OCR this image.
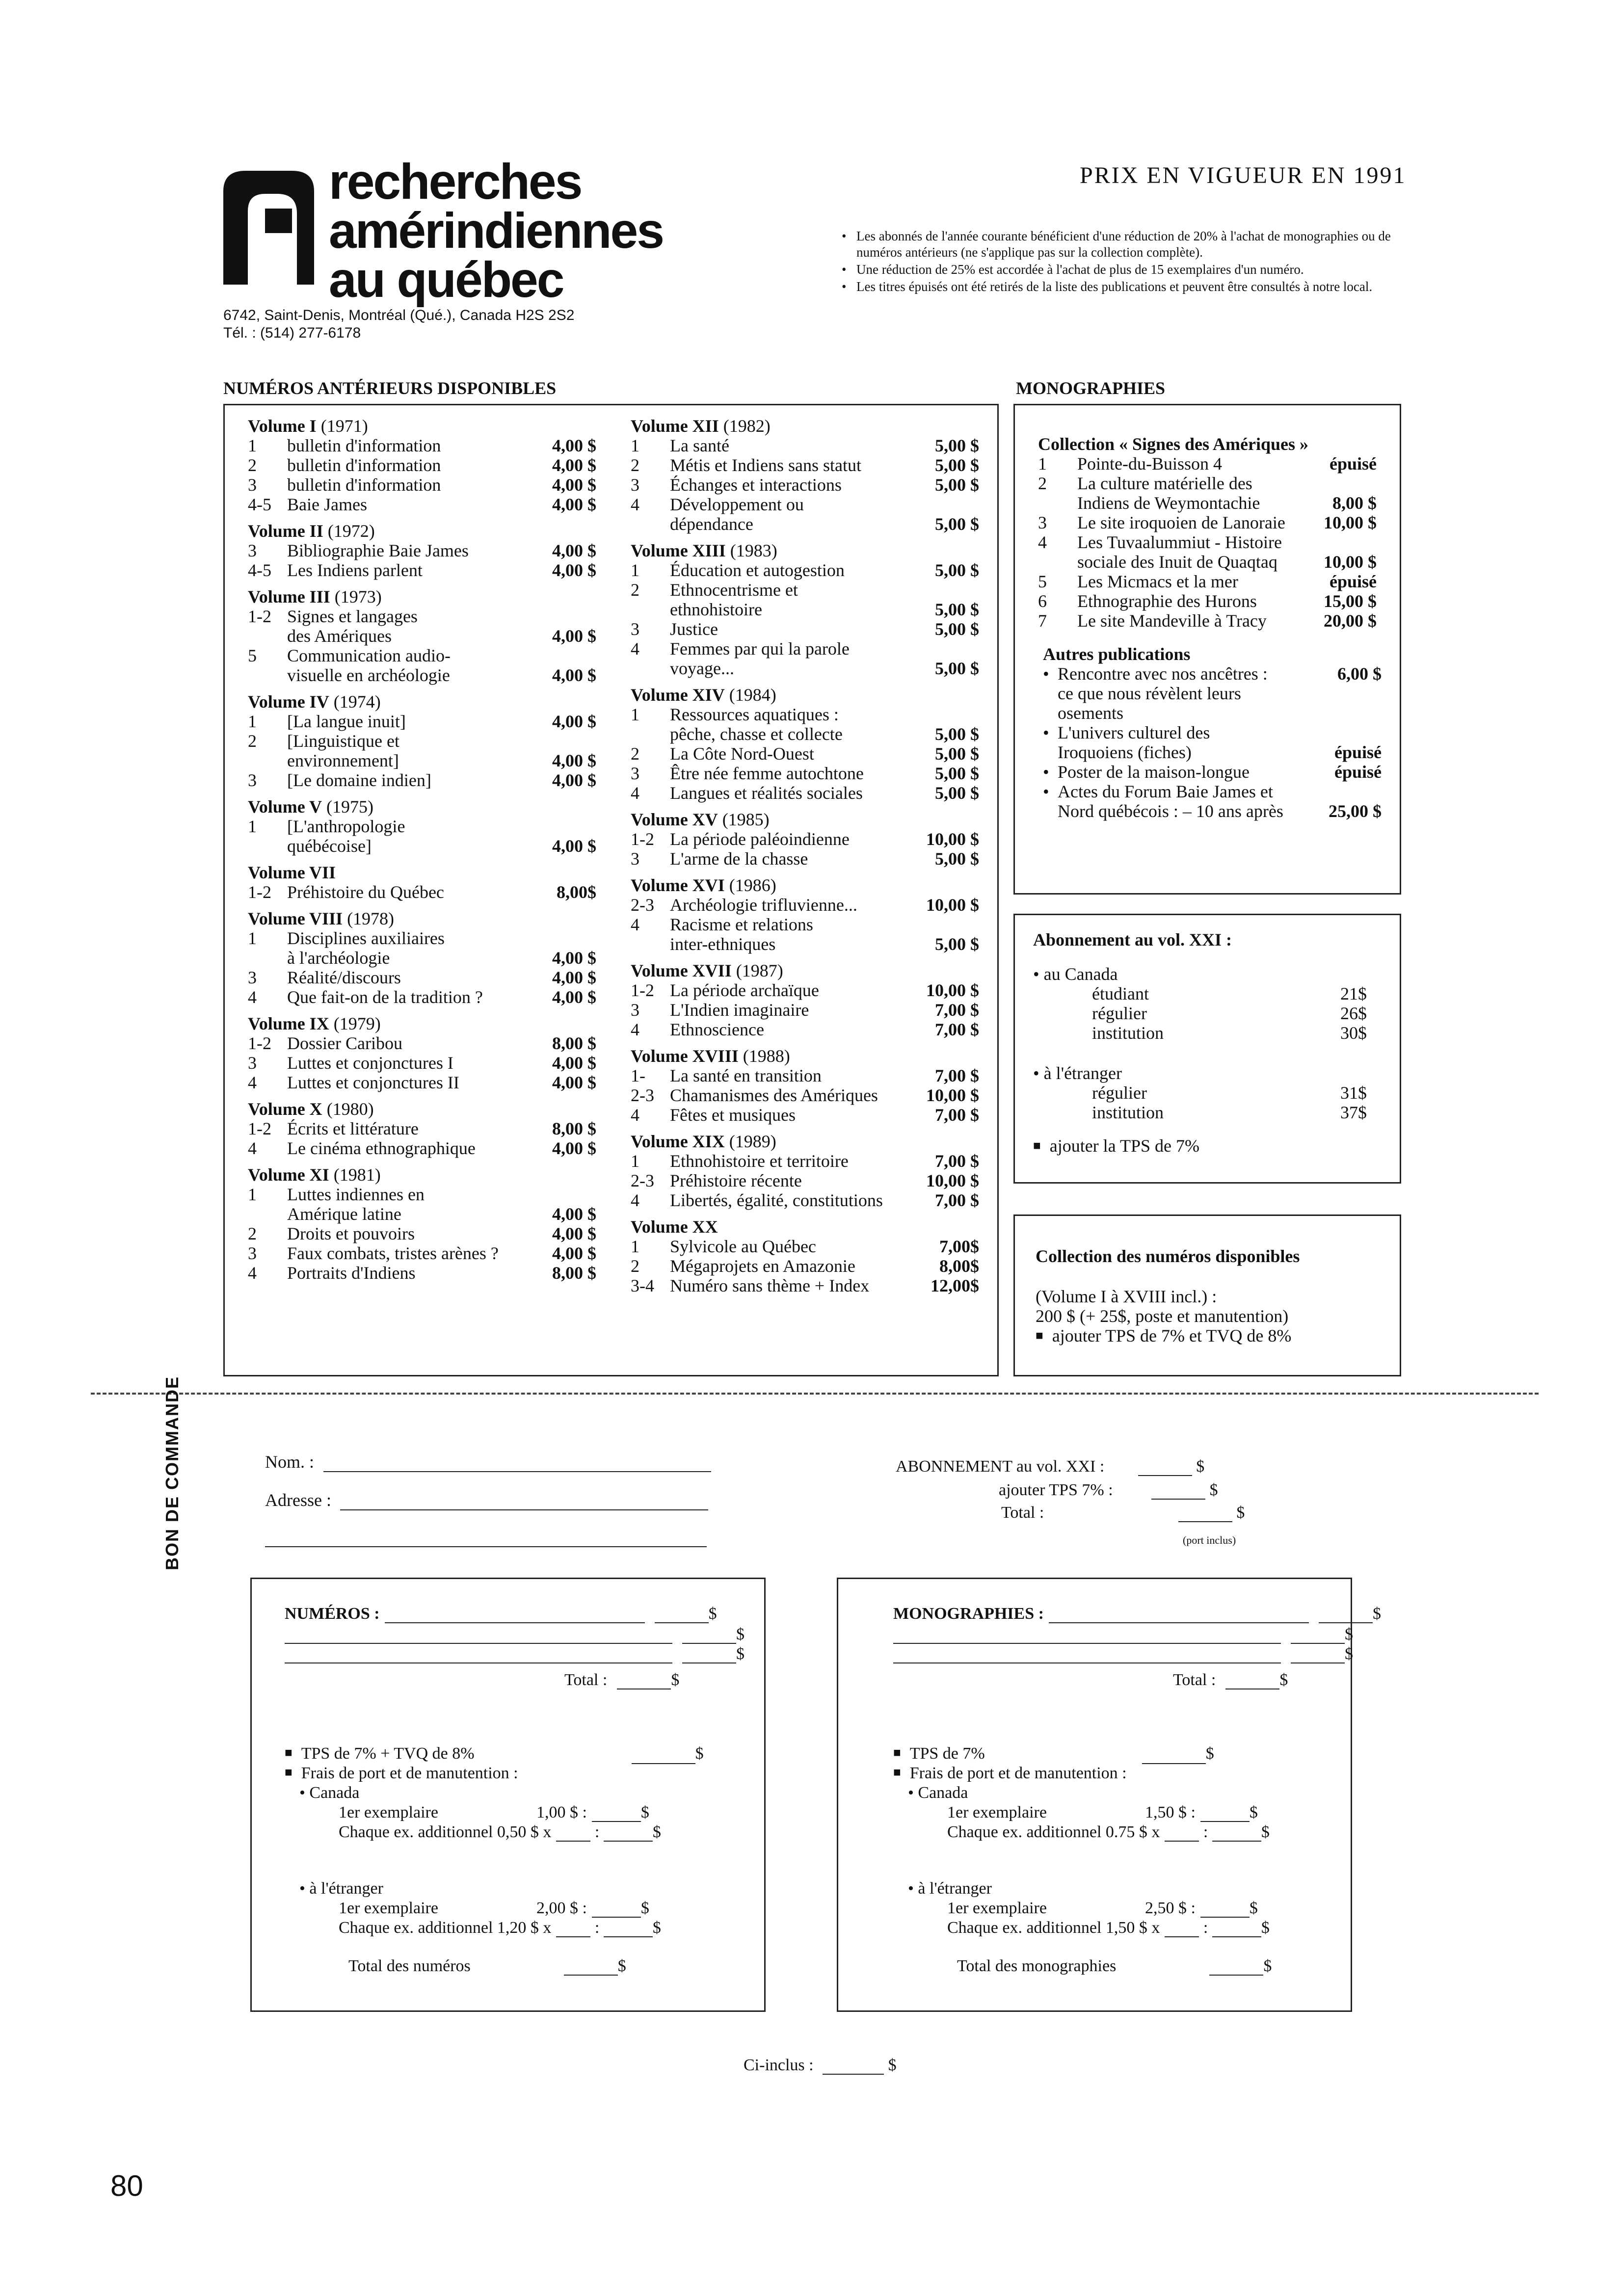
recherches
amérindiennes
au québec
6742, Saint-Denis, Montréal (Qué.), Canada H2S 2S2
Tél. : (514) 277-6178
PRIX EN VIGUEUR EN 1991
• Les abonnés de l'année courante bénéficient d'une réduction de 20% à l'achat de monographies ou de numéros antérieurs (ne s'applique pas sur la collection complète).
• Une réduction de 25% est accordée à l'achat de plus de 15 exemplaires d'un numéro.
• Les titres épuisés ont été retirés de la liste des publications et peuvent être consultés à notre local.
NUMÉROS ANTÉRIEURS DISPONIBLES
Volume I (1971)
1	bulletin d'information	4,00 $
2	bulletin d'information	4,00 $
3	bulletin d'information	4,00 $
4-5 Baie James	4,00 $
Volume II (1972)
3	Bibliographie Baie James	4,00 $
4-5 Les Indiens parlent	4,00 $
Volume III (1973)
1-2 Signes et langages
des Amériques	4,00 $
5	Communication audio-
visuelle en archéologie	4,00 $
Volume IV (1974)
1	[La langue inuit]	4,00 $
2	[Linguistique et
environnement]	4,00 $
3	[Le domaine indien]	4,00 $
Volume V (1975)
1	[L'anthropologie
québécoise]	4,00 $
Volume VII
1-2 Préhistoire du Québec	8,00$
Volume VIII (1978)
1	Disciplines auxiliaires
à l'archéologie	4,00 $
3	Réalité/discours	4,00 $
4	Que fait-on de la tradition ?	4,00 $
Volume IX (1979)
1-2 Dossier Caribou	8,00 $
3	Luttes et conjonctures I	4,00 $
4	Luttes et conjonctures II	4,00 $
Volume X (1980)
1-2 Écrits et littérature	8,00 $
4	Le cinéma ethnographique	4,00 $
Volume XI (1981)
1	Luttes indiennes en
Amérique latine	4,00 $
2	Droits et pouvoirs	4,00 $
3	Faux combats, tristes arènes ?	4,00 $
4	Portraits d'Indiens	8,00 $
Volume XII (1982)
1	La santé	5,00 $
2	Métis et Indiens sans statut	5,00 $
3	Échanges et interactions	5,00 $
4	Développement ou
dépendance	5,00 $
Volume XIII (1983)
1	Éducation et autogestion	5,00 $
2	Ethnocentrisme et
ethnohistoire	5,00 $
3	Justice	5,00 $
4	Femmes par qui la parole
voyage...	5,00 $
Volume XIV (1984)
1	Ressources aquatiques :
pêche, chasse et collecte	5,00 $
2	La Côte Nord-Ouest	5,00 $
3	Être née femme autochtone	5,00 $
4	Langues et réalités sociales	5,00 $
Volume XV (1985)
1-2 La période paléoindienne	10,00 $
3	L'arme de la chasse	5,00 $
Volume XVI (1986)
2-3 Archéologie trifluvienne...	10,00 $
4	Racisme et relations
inter-ethniques	5,00 $
Volume XVII (1987)
1-2 La période archaïque	10,00 $
3	L'Indien imaginaire	7,00 $
4	Ethnoscience	7,00 $
Volume XVIII (1988)
1-	La santé en transition	7,00 $
2-3 Chamanismes des Amériques	10,00 $
4	Fêtes et musiques	7,00 $
Volume XIX (1989)
1	Ethnohistoire et territoire	7,00 $
2-3 Préhistoire récente	10,00 $
4	Libertés, égalité, constitutions	7,00 $
Volume XX
1	Sylvicole au Québec	7,00$
2	Mégaprojets en Amazonie	8,00$
3-4 Numéro sans thème + Index	12,00$
MONOGRAPHIES
Collection « Signes des Amériques »
1	Pointe-du-Buisson 4	épuisé
2	La culture matérielle des
Indiens de Weymontachie	8,00 $
3	Le site iroquoien de Lanoraie	10,00 $
4	Les Tuvaalummiut - Histoire
sociale des Inuit de Quaqtaq	10,00 $
5	Les Micmacs et la mer	épuisé
6	Ethnographie des Hurons	15,00 $
7	Le site Mandeville à Tracy	20,00 $
Autres publications
• Rencontre avec nos ancêtres :	6,00 $
ce que nous révèlent leurs
osements
• L'univers culturel des
Iroquoiens (fiches)	épuisé
• Poster de la maison-longue	épuisé
• Actes du Forum Baie James et
Nord québécois : – 10 ans après	25,00 $
Abonnement au vol. XXI :
• au Canada
étudiant	21$
régulier	26$
institution	30$
• à l'étranger
régulier	31$
institution	37$
■ ajouter la TPS de 7%
Collection des numéros disponibles
(Volume I à XVIII incl.) :
200 $ (+ 25$, poste et manutention)
■ ajouter TPS de 7% et TVQ de 8%
BON DE COMMANDE	Nom. :
Adresse :
ABONNEMENT au vol. XXI :	$
ajouter TPS 7% :	$
Total :	$
(port inclus)
NUMÉROS :	$
$
$
Total :	$
■ TPS de 7% + TVQ de 8%	$
■ Frais de port et de manutention :
• Canada
1er exemplaire	1,00 $ :	$
Chaque ex. additionnel 0,50 $ x :	$
• à l'étranger
1er exemplaire	2,00 $ :	$
Chaque ex. additionnel 1,20 $ x :	$
Total des numéros	$
MONOGRAPHIES :	$
$
$
Total :	$
■ TPS de 7%	$
■ Frais de port et de manutention :
• Canada
1er exemplaire	1,50 $ :	$
Chaque ex. additionnel 0.75 $ x :	$
• à l'étranger
1er exemplaire	2,50 $ :	$
Chaque ex. additionnel 1,50 $ x :	$
Total des monographies	$
Ci-inclus :	$
80
